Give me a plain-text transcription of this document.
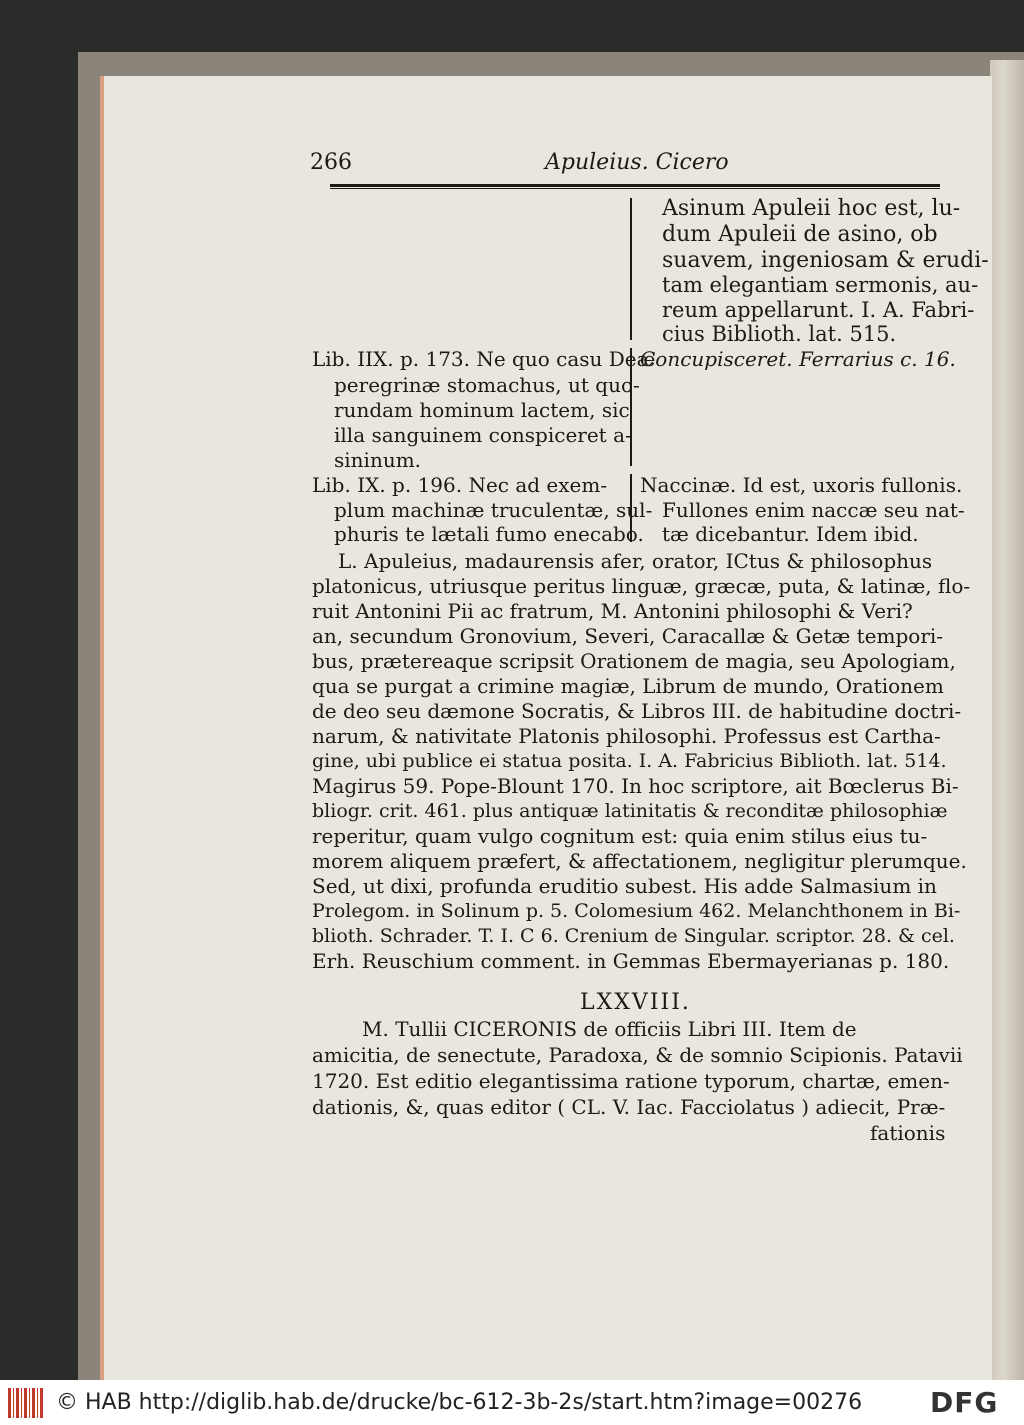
266	Apuleius. Cicero
Asinum Apuleii hoc est, lu-
dum Apuleii de asino, ob
suavem, ingeniosam & erudi-
tam elegantiam sermonis, au-
reum appellarunt. I. A. Fabri-
cius Biblioth. lat. 515.
Lib. IIX. p. 173. Ne quo casu Deæ
peregrinæ stomachus, ut quo-
rundam hominum lactem, sic
illa sanguinem conspiceret a-
sininum.
Concupisceret. Ferrarius c. 16.
Lib. IX. p. 196. Nec ad exem-
plum machinæ truculentæ, sul-
phuris te lætali fumo enecabo.
Naccinæ. Id est, uxoris fullonis.
Fullones enim naccæ seu nat-
tæ dicebantur. Idem ibid.
L. Apuleius, madaurensis afer, orator, ICtus & philosophus
platonicus, utriusque peritus linguæ, græcæ, puta, & latinæ, flo-
ruit Antonini Pii ac fratrum, M. Antonini philosophi & Veri?
an, secundum Gronovium, Severi, Caracallæ & Getæ tempori-
bus, prætereaque scripsit Orationem de magia, seu Apologiam,
qua se purgat a crimine magiæ, Librum de mundo, Orationem
de deo seu dæmone Socratis, & Libros III. de habitudine doctri-
narum, & nativitate Platonis philosophi. Professus est Cartha-
gine, ubi publice ei statua posita. I. A. Fabricius Biblioth. lat. 514.
Magirus 59. Pope-Blount 170. In hoc scriptore, ait Bœclerus Bi-
bliogr. crit. 461. plus antiquæ latinitatis & reconditæ philosophiæ
reperitur, quam vulgo cognitum est: quia enim stilus eius tu-
morem aliquem præfert, & affectationem, negligitur plerumque.
Sed, ut dixi, profunda eruditio subest. His adde Salmasium in
Prolegom. in Solinum p. 5. Colomesium 462. Melanchthonem in Bi-
blioth. Schrader. T. I. C 6. Crenium de Singular. scriptor. 28. & cel.
Erh. Reuschium comment. in Gemmas Ebermayerianas p. 180.
LXXVIII.
M. Tullii CICERONIS de officiis Libri III. Item de
amicitia, de senectute, Paradoxa, & de somnio Scipionis. Patavii
1720. Est editio elegantissima ratione typorum, chartæ, emen-
dationis, &, quas editor ( CL. V. Iac. Facciolatus ) adiecit, Præ-
fationis
© HAB http://diglib.hab.de/drucke/bc-612-3b-2s/start.htm?image=00276 DFG
